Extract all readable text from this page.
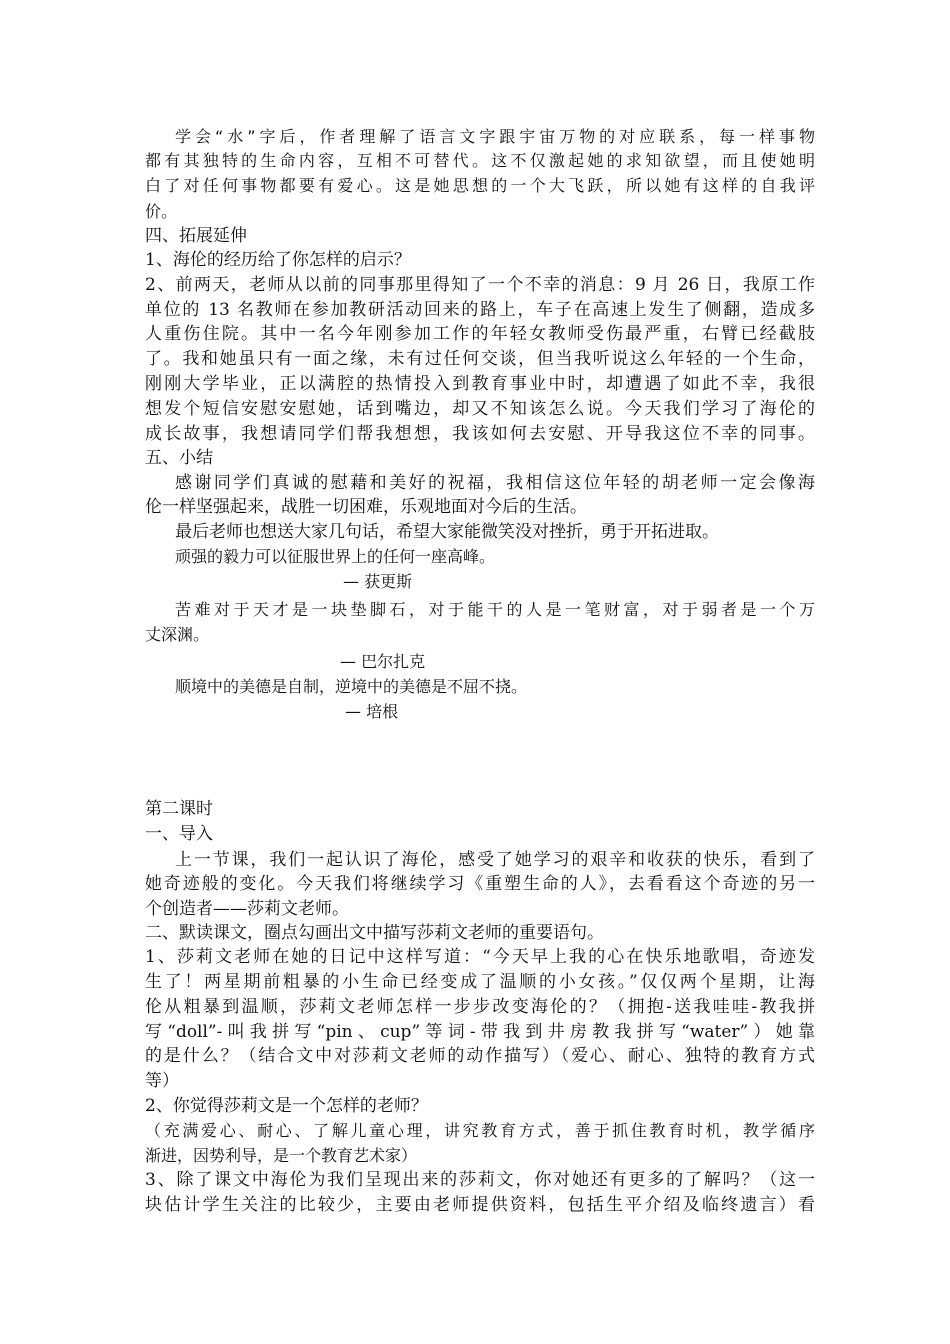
学会“水”字后，作者理解了语言文字跟宇宙万物的对应联系，每一样事物
都有其独特的生命内容，互相不可替代。这不仅激起她的求知欲望，而且使她明
白了对任何事物都要有爱心。这是她思想的一个大飞跃，所以她有这样的自我评
价。
四、拓展延伸
1、海伦的经历给了你怎样的启示？
2、前两天，老师从以前的同事那里得知了一个不幸的消息：9 月 26 日，我原工作
单位的 13 名教师在参加教研活动回来的路上，车子在高速上发生了侧翻，造成多
人重伤住院。其中一名今年刚参加工作的年轻女教师受伤最严重，右臂已经截肢
了。我和她虽只有一面之缘，未有过任何交谈，但当我听说这么年轻的一个生命，
刚刚大学毕业，正以满腔的热情投入到教育事业中时，却遭遇了如此不幸，我很
想发个短信安慰安慰她，话到嘴边，却又不知该怎么说。今天我们学习了海伦的
成长故事，我想请同学们帮我想想，我该如何去安慰、开导我这位不幸的同事。
五、小结
感谢同学们真诚的慰藉和美好的祝福，我相信这位年轻的胡老师一定会像海
伦一样坚强起来，战胜一切困难，乐观地面对今后的生活。
最后老师也想送大家几句话，希望大家能微笑没对挫折，勇于开拓进取。
顽强的毅力可以征服世界上的任何一座高峰。
— 获更斯
苦难对于天才是一块垫脚石，对于能干的人是一笔财富，对于弱者是一个万
丈深渊。
— 巴尔扎克
顺境中的美德是自制，逆境中的美德是不屈不挠。
— 培根
第二课时
一、导入
上一节课，我们一起认识了海伦，感受了她学习的艰辛和收获的快乐，看到了
她奇迹般的变化。今天我们将继续学习《重塑生命的人》，去看看这个奇迹的另一
个创造者——莎莉文老师。
二、默读课文，圈点勾画出文中描写莎莉文老师的重要语句。
1、莎莉文老师在她的日记中这样写道：“今天早上我的心在快乐地歌唱，奇迹发
生了！两星期前粗暴的小生命已经变成了温顺的小女孩。”仅仅两个星期，让海
伦从粗暴到温顺，莎莉文老师怎样一步步改变海伦的？（拥抱-送我哇哇-教我拼
写“doll”-叫我拼写“pin、cup”等词-带我到井房教我拼写“water”）她靠
的是什么？（结合文中对莎莉文老师的动作描写）（爱心、耐心、独特的教育方式
等）
2、你觉得莎莉文是一个怎样的老师？
（充满爱心、耐心、了解儿童心理，讲究教育方式，善于抓住教育时机，教学循序
渐进，因势利导，是一个教育艺术家）
3、除了课文中海伦为我们呈现出来的莎莉文，你对她还有更多的了解吗？（这一
块估计学生关注的比较少，主要由老师提供资料，包括生平介绍及临终遗言）看
